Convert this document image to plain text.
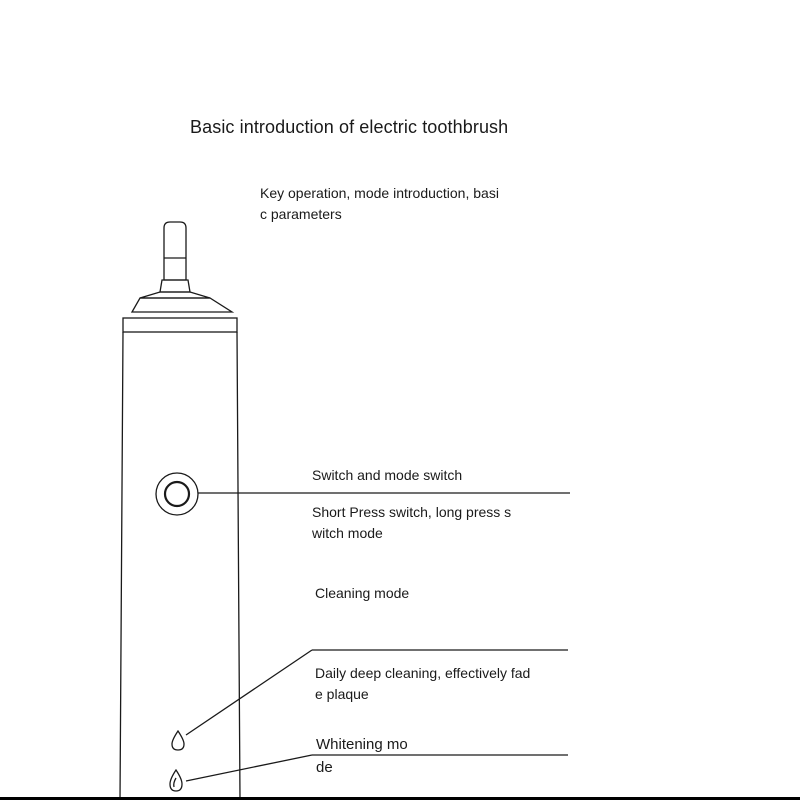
Basic introduction of electric toothbrush
Key operation, mode introduction, basi
c parameters
Switch and mode switch
Short Press switch, long press s
witch mode
Cleaning mode
Daily deep cleaning, effectively fad
e plaque
Whitening mo
de
